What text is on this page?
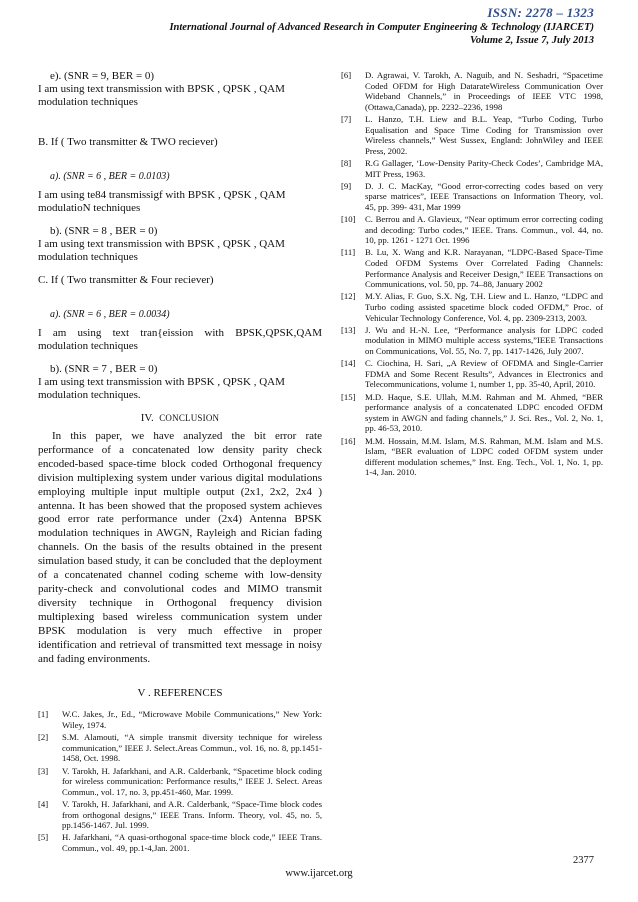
ISSN: 2278 – 1323
International Journal of Advanced Research in Computer Engineering & Technology (IJARCET)
Volume 2, Issue 7, July 2013

e). (SNR = 9, BER = 0)

I am using text transmission with BPSK , QPSK , QAM modulation techniques

B. If ( Two transmitter & TWO reciever)

a). (SNR = 6 , BER = 0.0103)

I am using te84 transmissigf with BPSK , QPSK , QAM modulatioN techniques

b). (SNR = 8 , BER = 0)

I am using text transmission with BPSK , QPSK , QAM modulation techniques

C. If ( Two transmitter & Four reciever)

a). (SNR = 6 , BER = 0.0034)

I am using text tran{eission with BPSK,QPSK,QAM modulation techniques

b). (SNR = 7 , BER = 0)

I am using text transmission with BPSK , QPSK , QAM modulation techniques.

IV. CONCLUSION

In this paper, we have analyzed the bit error rate performance of a concatenated low density parity check encoded-based space-time block coded Orthogonal frequency division multiplexing system under various digital modulations employing multiple input multiple output (2x1, 2x2, 2x4 ) antenna. It has been showed that the proposed system achieves good error rate performance under (2x4) Antenna BPSK modulation techniques in AWGN, Rayleigh and Rician fading channels. On the basis of the results obtained in the present simulation based study, it can be concluded that the deployment of a concatenated channel coding scheme with low-density parity-check and convolutional codes and MIMO transmit diversity technique in Orthogonal frequency division multiplexing based wireless communication system under BPSK modulation is very much effective in proper identification and retrieval of transmitted text message in noisy and fading environments.

V . REFERENCES

[1]	W.C. Jakes, Jr., Ed., “Microwave Mobile Communications,” New York: Wiley, 1974.
[2]	S.M. Alamouti, “A simple transmit diversity technique for wireless communication,” IEEE J. Select.Areas Commun., vol. 16, no. 8, pp.1451-1458, Oct. 1998.
[3]	V. Tarokh, H. Jafarkhani, and A.R. Calderbank, “Spacetime block coding for wireless communication: Performance results,” IEEE J. Select. Areas Commun., vol. 17, no. 3, pp.451-460, Mar. 1999.
[4]	V. Tarokh, H. Jafarkhani, and A.R. Calderbank, “Space-Time block codes from orthogonal designs,” IEEE Trans. Inform. Theory, vol. 45, no. 5, pp.1456-1467. Jul. 1999.
[5]	H. Jafarkhani, “A quasi-orthogonal space-time block code,” IEEE Trans. Commun., vol. 49, pp.1-4,Jan. 2001.
[6]	D. Agrawai, V. Tarokh, A. Naguib, and N. Seshadri, “Spacetime Coded OFDM for High DatarateWireless Communication Over Wideband Channels,” in Proceedings of IEEE VTC 1998, (Ottawa,Canada), pp. 2232–2236, 1998
[7]	L. Hanzo, T.H. Liew and B.L. Yeap, “Turbo Coding, Turbo Equalisation and Space Time Coding for Transmission over Wireless channels,” West Sussex, England: JohnWiley and IEEE Press, 2002.
[8]	R.G Gallager, ‘Low-Density Parity-Check Codes’, Cambridge MA, MIT Press, 1963.
[9]	D. J. C. MacKay, “Good error-correcting codes based on very sparse matrices”, IEEE Transactions on Information Theory, vol. 45, pp. 399- 431, Mar 1999
[10]	C. Berrou and A. Glavieux, “Near optimum error correcting coding and decoding: Turbo codes,” IEEE. Trans. Commun., vol. 44, no. 10, pp. 1261 - 1271 Oct. 1996
[11]	B. Lu, X. Wang and K.R. Narayanan, “LDPC-Based Space-Time Coded OFDM Systems Over Correlated Fading Channels: Performance Analysis and Receiver Design,” IEEE Transactions on Communications, vol. 50, pp. 74–88, January 2002
[12]	M.Y. Alias, F. Guo, S.X. Ng, T.H. Liew and L. Hanzo, “LDPC and Turbo coding assisted spacetime block coded OFDM,” Proc. of Vehicular Technology Conference, Vol. 4, pp. 2309-2313, 2003.
[13]	J. Wu and H.-N. Lee, “Performance analysis for LDPC coded modulation in MIMO multiple access systems,”IEEE Transactions on Communications, Vol. 55, No. 7, pp. 1417-1426, July 2007.
[14]	C. Ciochina, H. Sari, „A Review of OFDMA and Single-Carrier FDMA and Some Recent Results”, Advances in Electronics and Telecommunications, volume 1, number 1, pp. 35-40, April, 2010.
[15]	M.D. Haque, S.E. Ullah, M.M. Rahman and M. Ahmed, “BER performance analysis of a concatenated LDPC encoded OFDM system in AWGN and fading channels,” J. Sci. Res., Vol. 2, No. 1, pp. 46-53, 2010.
[16]	M.M. Hossain, M.M. Islam, M.S. Rahman, M.M. Islam and M.S. Islam, “BER evaluation of LDPC coded OFDM system under different modulation schemes,” Inst. Eng. Tech., Vol. 1, No. 1, pp. 1-4, Jan. 2010.
2377
www.ijarcet.org
